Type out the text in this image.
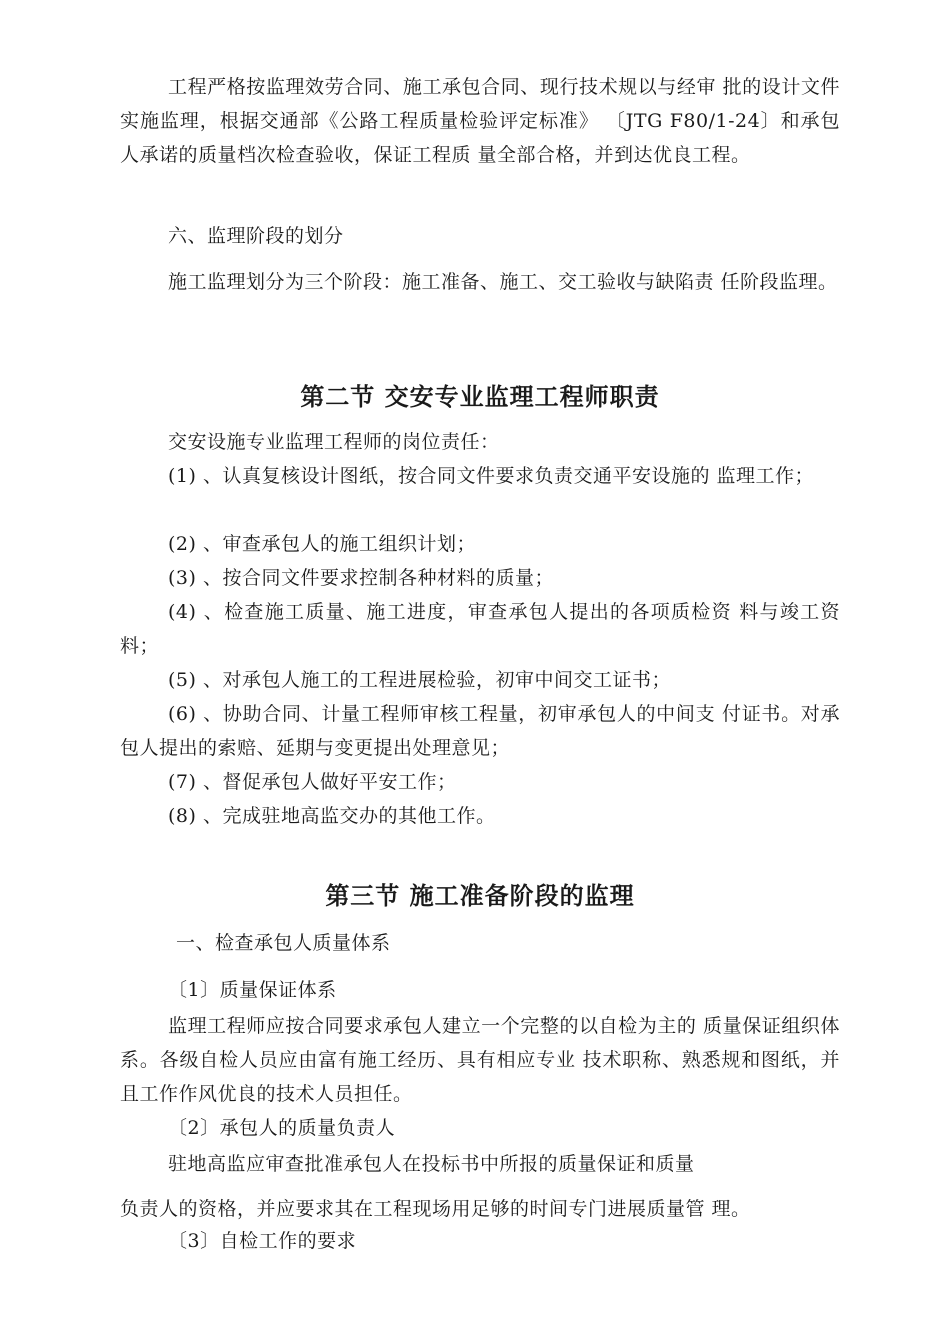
工程严格按监理效劳合同、施工承包合同、现行技术规以与经审 批的设计文件实施监理，根据交通部《公路工程质量检验评定标准》 〔JTG F80/1-24〕和承包人承诺的质量档次检查验收，保证工程质 量全部合格，并到达优良工程。

六、监理阶段的划分

施工监理划分为三个阶段：施工准备、施工、交工验收与缺陷责 任阶段监理。

第二节 交安专业监理工程师职责

交安设施专业监理工程师的岗位责任：

(1) 、认真复核设计图纸，按合同文件要求负责交通平安设施的 监理工作；

(2) 、审查承包人的施工组织计划；

(3) 、按合同文件要求控制各种材料的质量；

(4) 、检查施工质量、施工进度，审查承包人提出的各项质检资 料与竣工资料；

(5) 、对承包人施工的工程进展检验，初审中间交工证书；

(6) 、协助合同、计量工程师审核工程量，初审承包人的中间支 付证书。对承包人提出的索赔、延期与变更提出处理意见；

(7) 、督促承包人做好平安工作；

(8) 、完成驻地高监交办的其他工作。

第三节 施工准备阶段的监理

一、检查承包人质量体系

〔1〕质量保证体系

监理工程师应按合同要求承包人建立一个完整的以自检为主的 质量保证组织体系。各级自检人员应由富有施工经历、具有相应专业 技术职称、熟悉规和图纸，并且工作作风优良的技术人员担任。

〔2〕承包人的质量负责人

驻地高监应审查批准承包人在投标书中所报的质量保证和质量

负责人的资格，并应要求其在工程现场用足够的时间专门进展质量管 理。

〔3〕自检工作的要求
